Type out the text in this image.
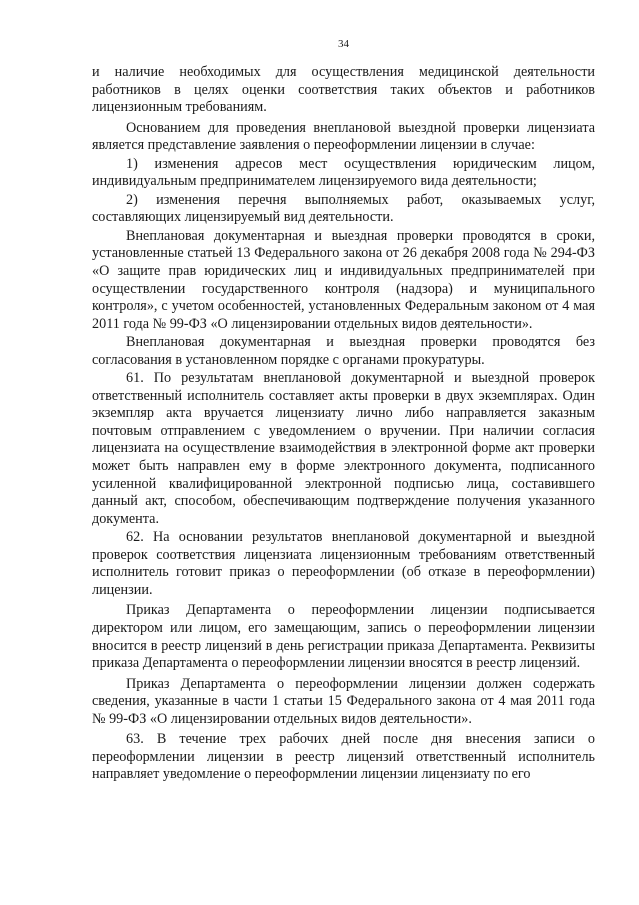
34

и наличие необходимых для осуществления медицинской деятельности работников в целях оценки соответствия таких объектов и работников лицензионным требованиям.

Основанием для проведения внеплановой выездной проверки лицензиата является представление заявления о переоформлении лицензии в случае:

1) изменения адресов мест осуществления юридическим лицом, индивидуальным предпринимателем лицензируемого вида деятельности;

2) изменения перечня выполняемых работ, оказываемых услуг, составляющих лицензируемый вид деятельности.

Внеплановая документарная и выездная проверки проводятся в сроки, установленные статьей 13 Федерального закона от 26 декабря 2008 года № 294-ФЗ «О защите прав юридических лиц и индивидуальных предпринимателей при осуществлении государственного контроля (надзора) и муниципального контроля», с учетом особенностей, установленных Федеральным законом от 4 мая 2011 года № 99-ФЗ «О лицензировании отдельных видов деятельности».

Внеплановая документарная и выездная проверки проводятся без согласования в установленном порядке с органами прокуратуры.

61. По результатам внеплановой документарной и выездной проверок ответственный исполнитель составляет акты проверки в двух экземплярах. Один экземпляр акта вручается лицензиату лично либо направляется заказным почтовым отправлением с уведомлением о вручении. При наличии согласия лицензиата на осуществление взаимодействия в электронной форме акт проверки может быть направлен ему в форме электронного документа, подписанного усиленной квалифицированной электронной подписью лица, составившего данный акт, способом, обеспечивающим подтверждение получения указанного документа.

62. На основании результатов внеплановой документарной и выездной проверок соответствия лицензиата лицензионным требованиям ответственный исполнитель готовит приказ о переоформлении (об отказе в переоформлении) лицензии.

Приказ Департамента о переоформлении лицензии подписывается директором или лицом, его замещающим, запись о переоформлении лицензии вносится в реестр лицензий в день регистрации приказа Департамента. Реквизиты приказа Департамента о переоформлении лицензии вносятся в реестр лицензий.

Приказ Департамента о переоформлении лицензии должен содержать сведения, указанные в части 1 статьи 15 Федерального закона от 4 мая 2011 года № 99-ФЗ «О лицензировании отдельных видов деятельности».

63. В течение трех рабочих дней после дня внесения записи о переоформлении лицензии в реестр лицензий ответственный исполнитель направляет уведомление о переоформлении лицензии лицензиату по его
